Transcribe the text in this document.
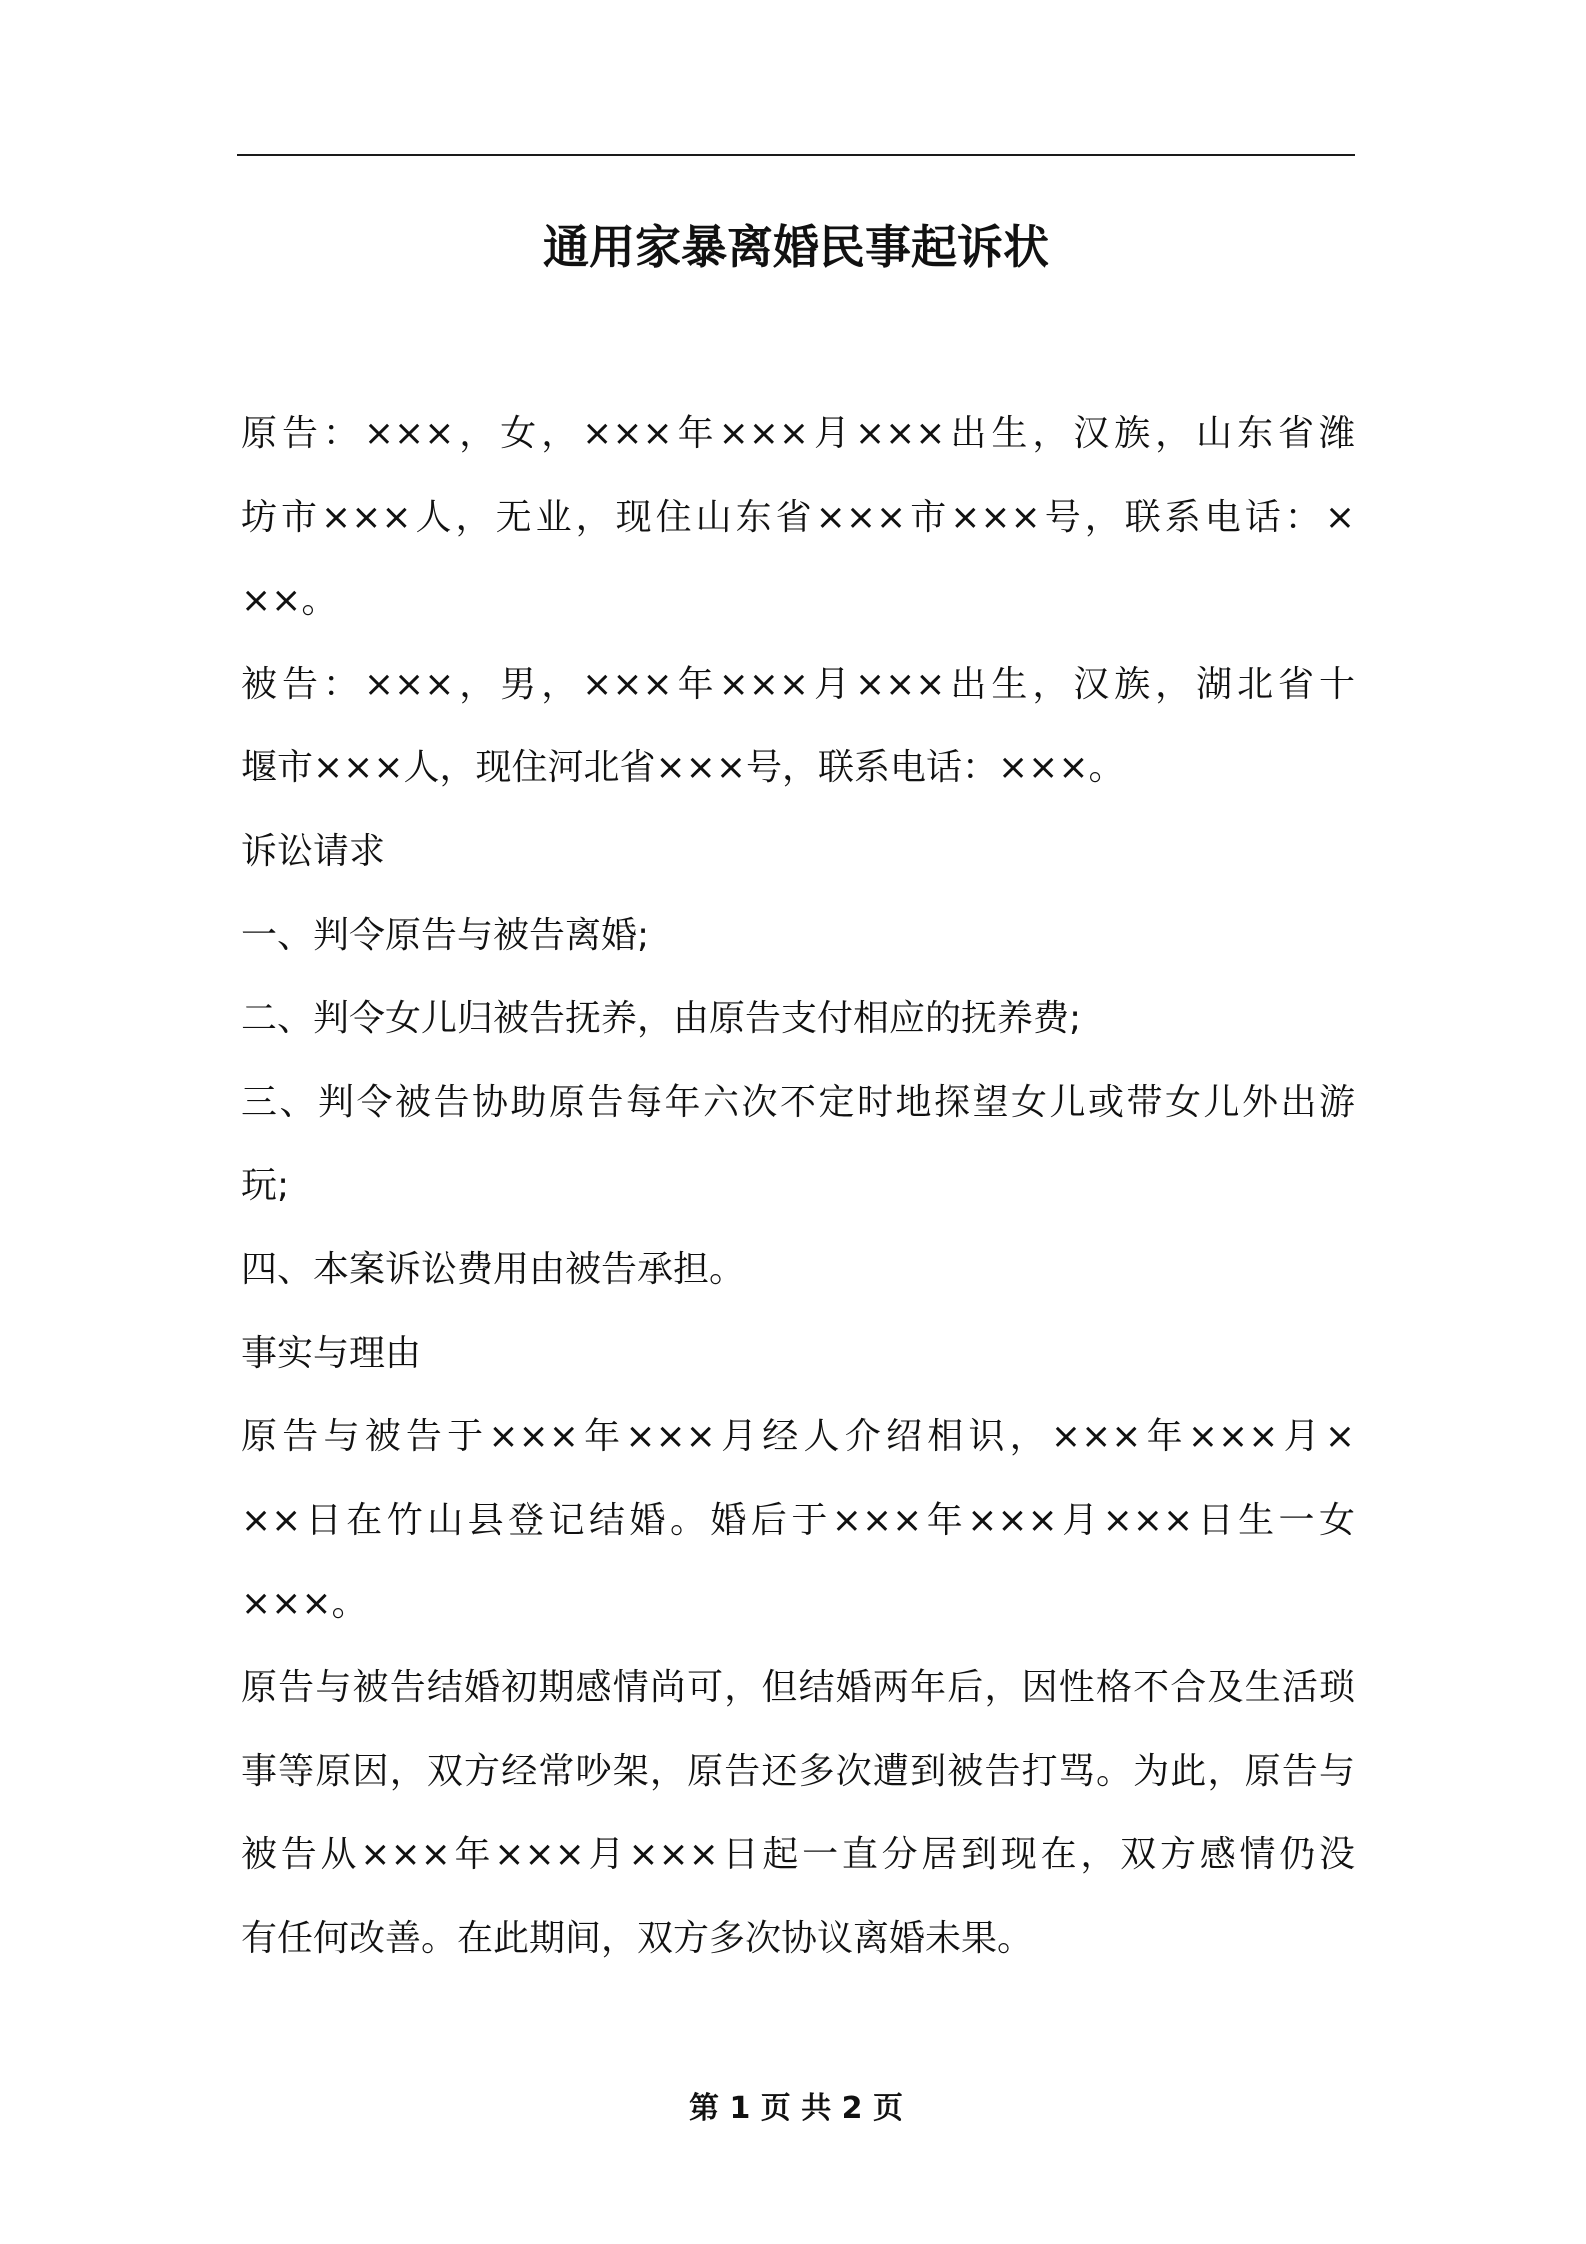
通用家暴离婚民事起诉状
原告：×××，女，×××年×××月×××出生，汉族，山东省潍
坊市×××人，无业，现住山东省×××市×××号，联系电话：×
××。
被告：×××，男，×××年×××月×××出生，汉族，湖北省十
堰市×××人，现住河北省×××号，联系电话：×××。
诉讼请求
一、判令原告与被告离婚;
二、判令女儿归被告抚养，由原告支付相应的抚养费;
三、判令被告协助原告每年六次不定时地探望女儿或带女儿外出游
玩;
四、本案诉讼费用由被告承担。
事实与理由
原告与被告于×××年×××月经人介绍相识，×××年×××月×
××日在竹山县登记结婚。婚后于×××年×××月×××日生一女
×××。
原告与被告结婚初期感情尚可，但结婚两年后，因性格不合及生活琐
事等原因，双方经常吵架，原告还多次遭到被告打骂。为此，原告与
被告从×××年×××月×××日起一直分居到现在，双方感情仍没
有任何改善。在此期间，双方多次协议离婚未果。
第 1 页 共 2 页
